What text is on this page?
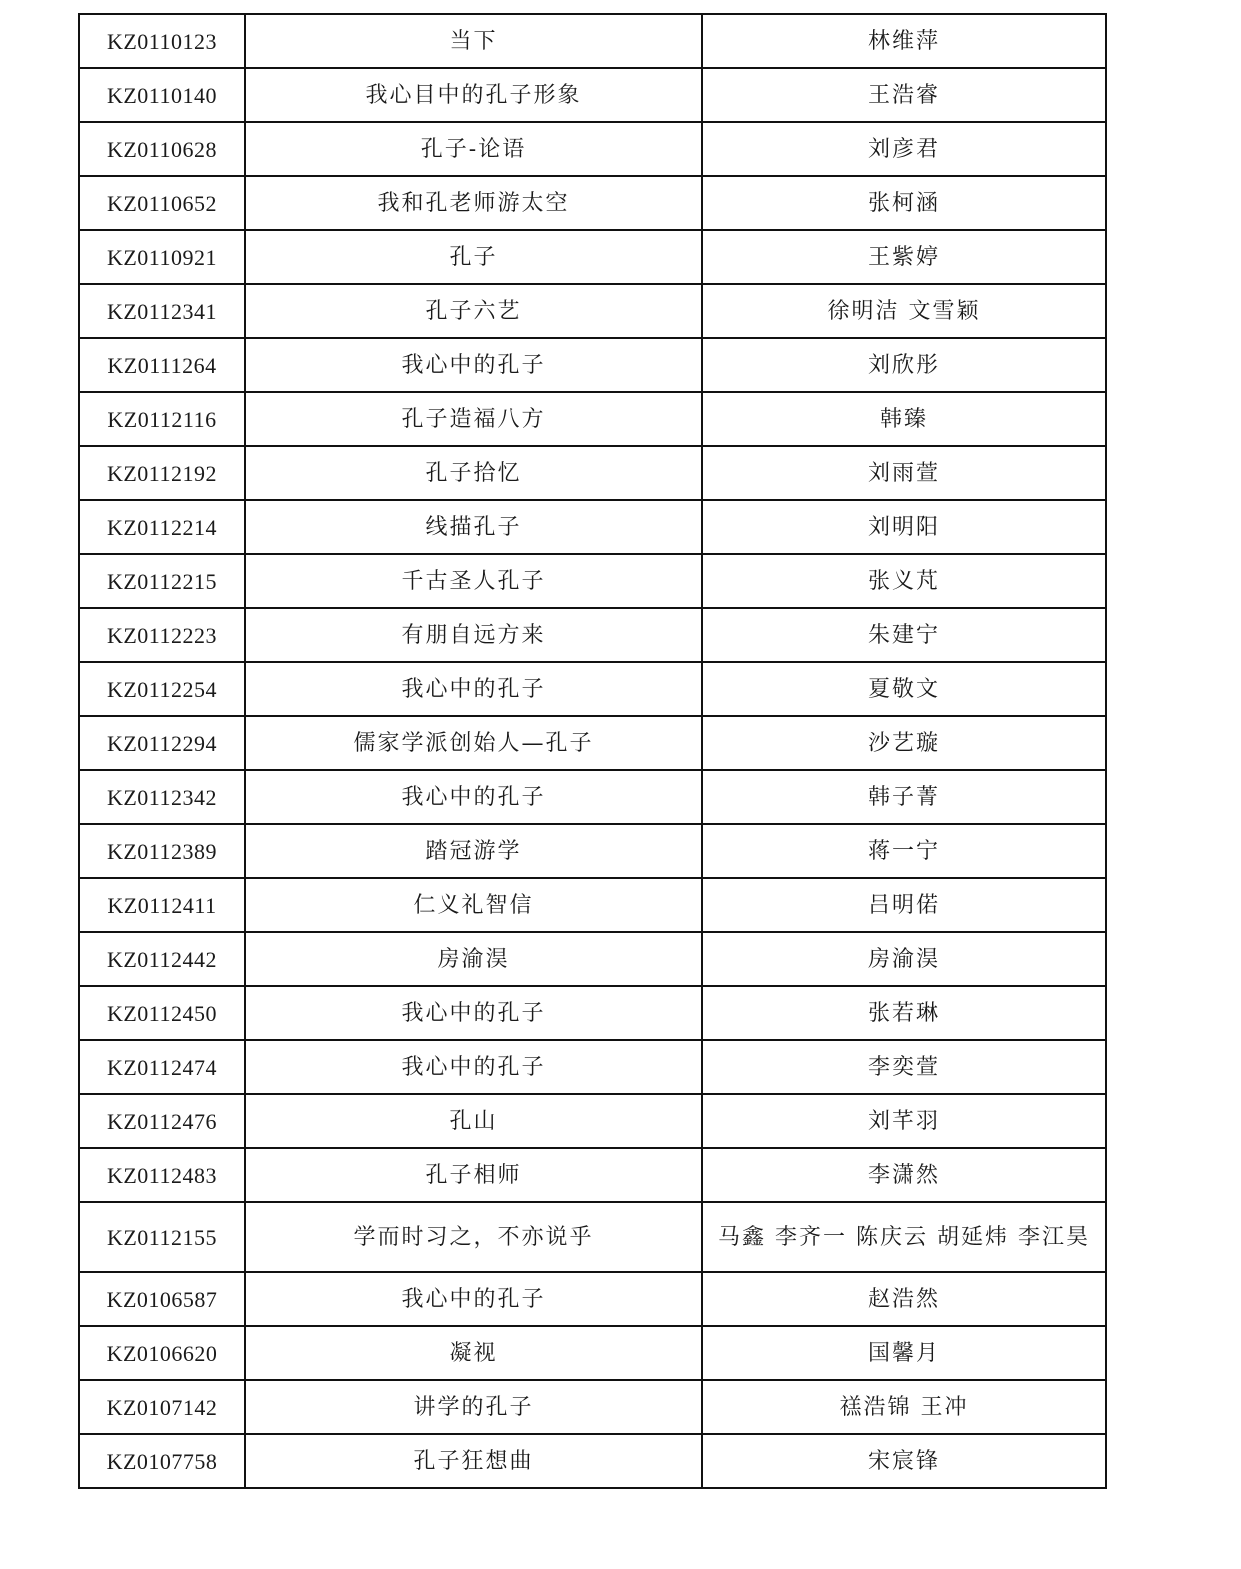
KZ0110123	当下	林维萍
KZ0110140	我心目中的孔子形象	王浩睿
KZ0110628	孔子-论语	刘彦君
KZ0110652	我和孔老师游太空	张柯涵
KZ0110921	孔子	王紫婷
KZ0112341	孔子六艺	徐明洁 文雪颖
KZ0111264	我心中的孔子	刘欣彤
KZ0112116	孔子造福八方	韩臻
KZ0112192	孔子拾忆	刘雨萱
KZ0112214	线描孔子	刘明阳
KZ0112215	千古圣人孔子	张义芃
KZ0112223	有朋自远方来	朱建宁
KZ0112254	我心中的孔子	夏敬文
KZ0112294	儒家学派创始人—孔子	沙艺璇
KZ0112342	我心中的孔子	韩子菁
KZ0112389	踏冠游学	蒋一宁
KZ0112411	仁义礼智信	吕明偌
KZ0112442	房渝淏	房渝淏
KZ0112450	我心中的孔子	张若琳
KZ0112474	我心中的孔子	李奕萱
KZ0112476	孔山	刘芊羽
KZ0112483	孔子相师	李潇然
KZ0112155	学而时习之，不亦说乎	马鑫 李齐一 陈庆云 胡延炜 李江昊
KZ0106587	我心中的孔子	赵浩然
KZ0106620	凝视	国馨月
KZ0107142	讲学的孔子	禚浩锦 王冲
KZ0107758	孔子狂想曲	宋宸锋
